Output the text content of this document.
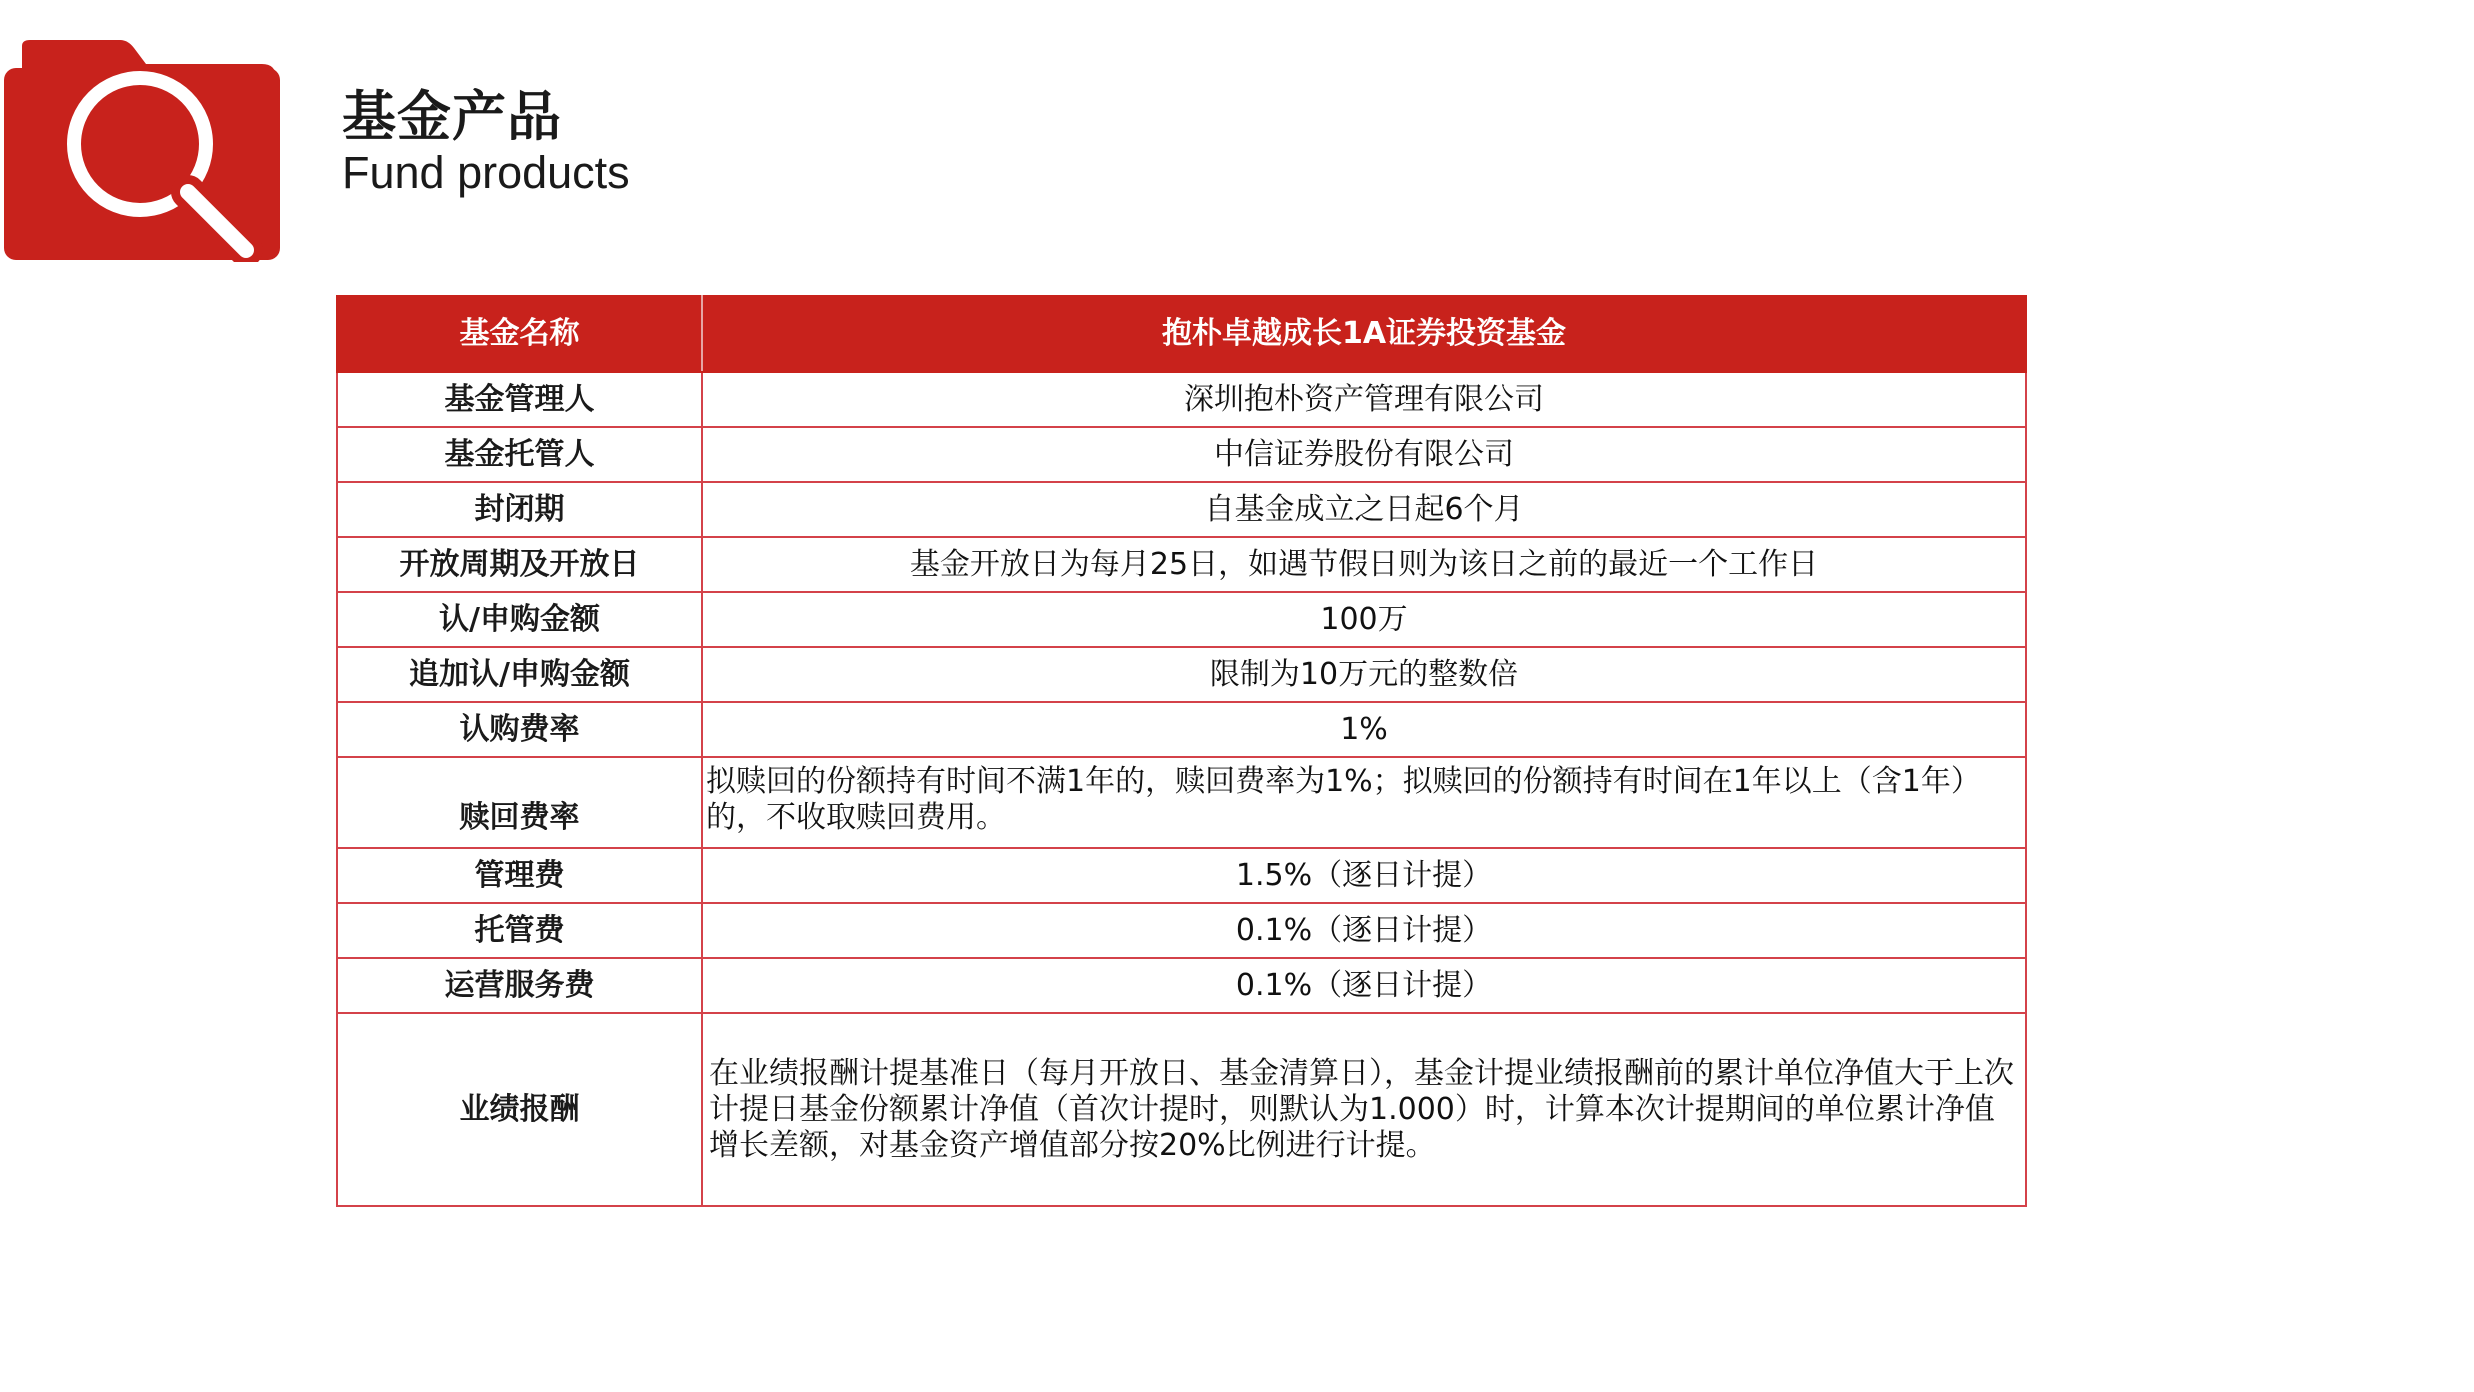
基金产品
Fund products
基金名称	抱朴卓越成长1A证券投资基金
基金管理人	深圳抱朴资产管理有限公司
基金托管人	中信证券股份有限公司
封闭期	自基金成立之日起6个月
开放周期及开放日	基金开放日为每月25日，如遇节假日则为该日之前的最近一个工作日
认/申购金额	100万
追加认/申购金额	限制为10万元的整数倍
认购费率	1%
赎回费率	拟赎回的份额持有时间不满1年的，赎回费率为1%；拟赎回的份额持有时间在1年以上（含1年）的，不收取赎回费用。
管理费	1.5%（逐日计提）
托管费	0.1%（逐日计提）
运营服务费	0.1%（逐日计提）
业绩报酬	在业绩报酬计提基准日（每月开放日、基金清算日），基金计提业绩报酬前的累计单位净值大于上次计提日基金份额累计净值（首次计提时，则默认为1.000）时，计算本次计提期间的单位累计净值增长差额，对基金资产增值部分按20%比例进行计提。
